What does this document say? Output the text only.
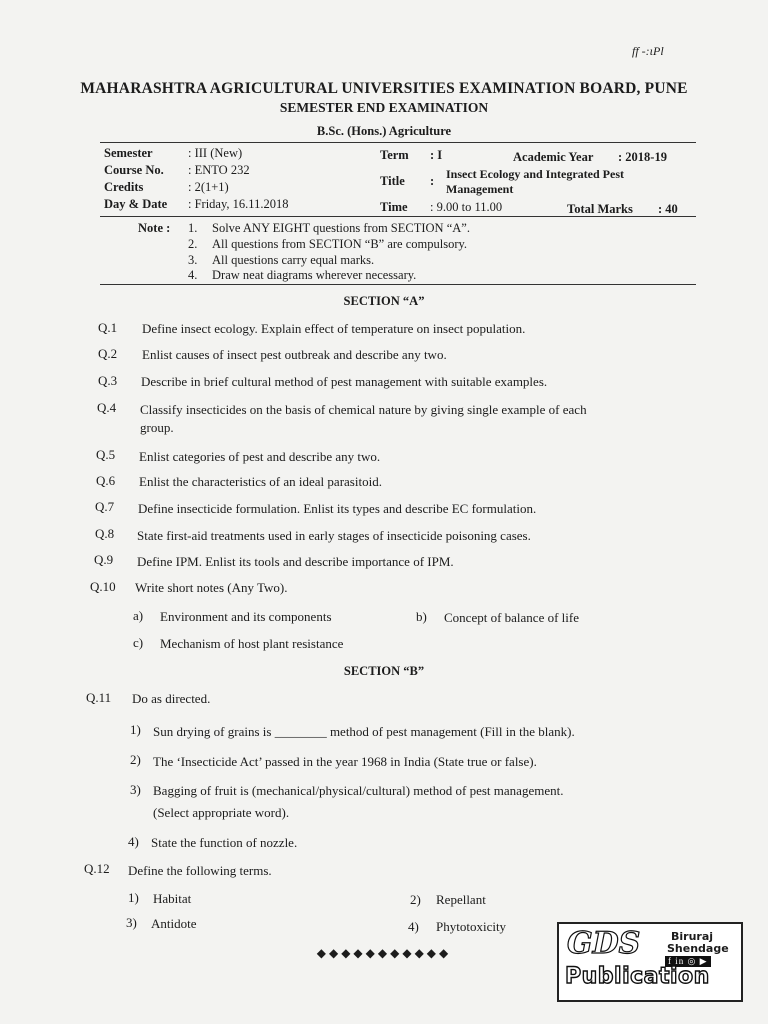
ff -:ιPl
MAHARASHTRA AGRICULTURAL UNIVERSITIES EXAMINATION BOARD, PUNE
SEMESTER END EXAMINATION
B.Sc. (Hons.) Agriculture
Semester	: III (New)
Course No. : ENTO 232
Credits	: 2(1+1)
Day & Date : Friday, 16.11.2018
Term : I	Academic Year : 2018-19
Title : Insect Ecology and Integrated Pest
Management
Time : 9.00 to 11.00	Total Marks : 40
Note : 1. Solve ANY EIGHT questions from SECTION “A”.
2. All questions from SECTION “B” are compulsory.
3. All questions carry equal marks.
4. Draw neat diagrams wherever necessary.
SECTION “A”
Q.1 Define insect ecology. Explain effect of temperature on insect population.
Q.2 Enlist causes of insect pest outbreak and describe any two.
Q.3 Describe in brief cultural method of pest management with suitable examples.
Q.4 Classify insecticides on the basis of chemical nature by giving single example of each
group.
Q.5 Enlist categories of pest and describe any two.
Q.6 Enlist the characteristics of an ideal parasitoid.
Q.7 Define insecticide formulation. Enlist its types and describe EC formulation.
Q.8 State first-aid treatments used in early stages of insecticide poisoning cases.
Q.9 Define IPM. Enlist its tools and describe importance of IPM.
Q.10 Write short notes (Any Two).
a) Environment and its components	b) Concept of balance of life
c) Mechanism of host plant resistance
SECTION “B”
Q.11 Do as directed.
1) Sun drying of grains is ________ method of pest management (Fill in the blank).
2) The ‘Insecticide Act’ passed in the year 1968 in India (State true or false).
3) Bagging of fruit is (mechanical/physical/cultural) method of pest management.
(Select appropriate word).
4) State the function of nozzle.
Q.12 Define the following terms.
1) Habitat	2) Repellant
3) Antidote	4) Phytotoxicity
◆◆◆◆◆◆◆◆◆◆◆	GDS	Biruraj
Shendage
f in ◎ ▶
Publication
